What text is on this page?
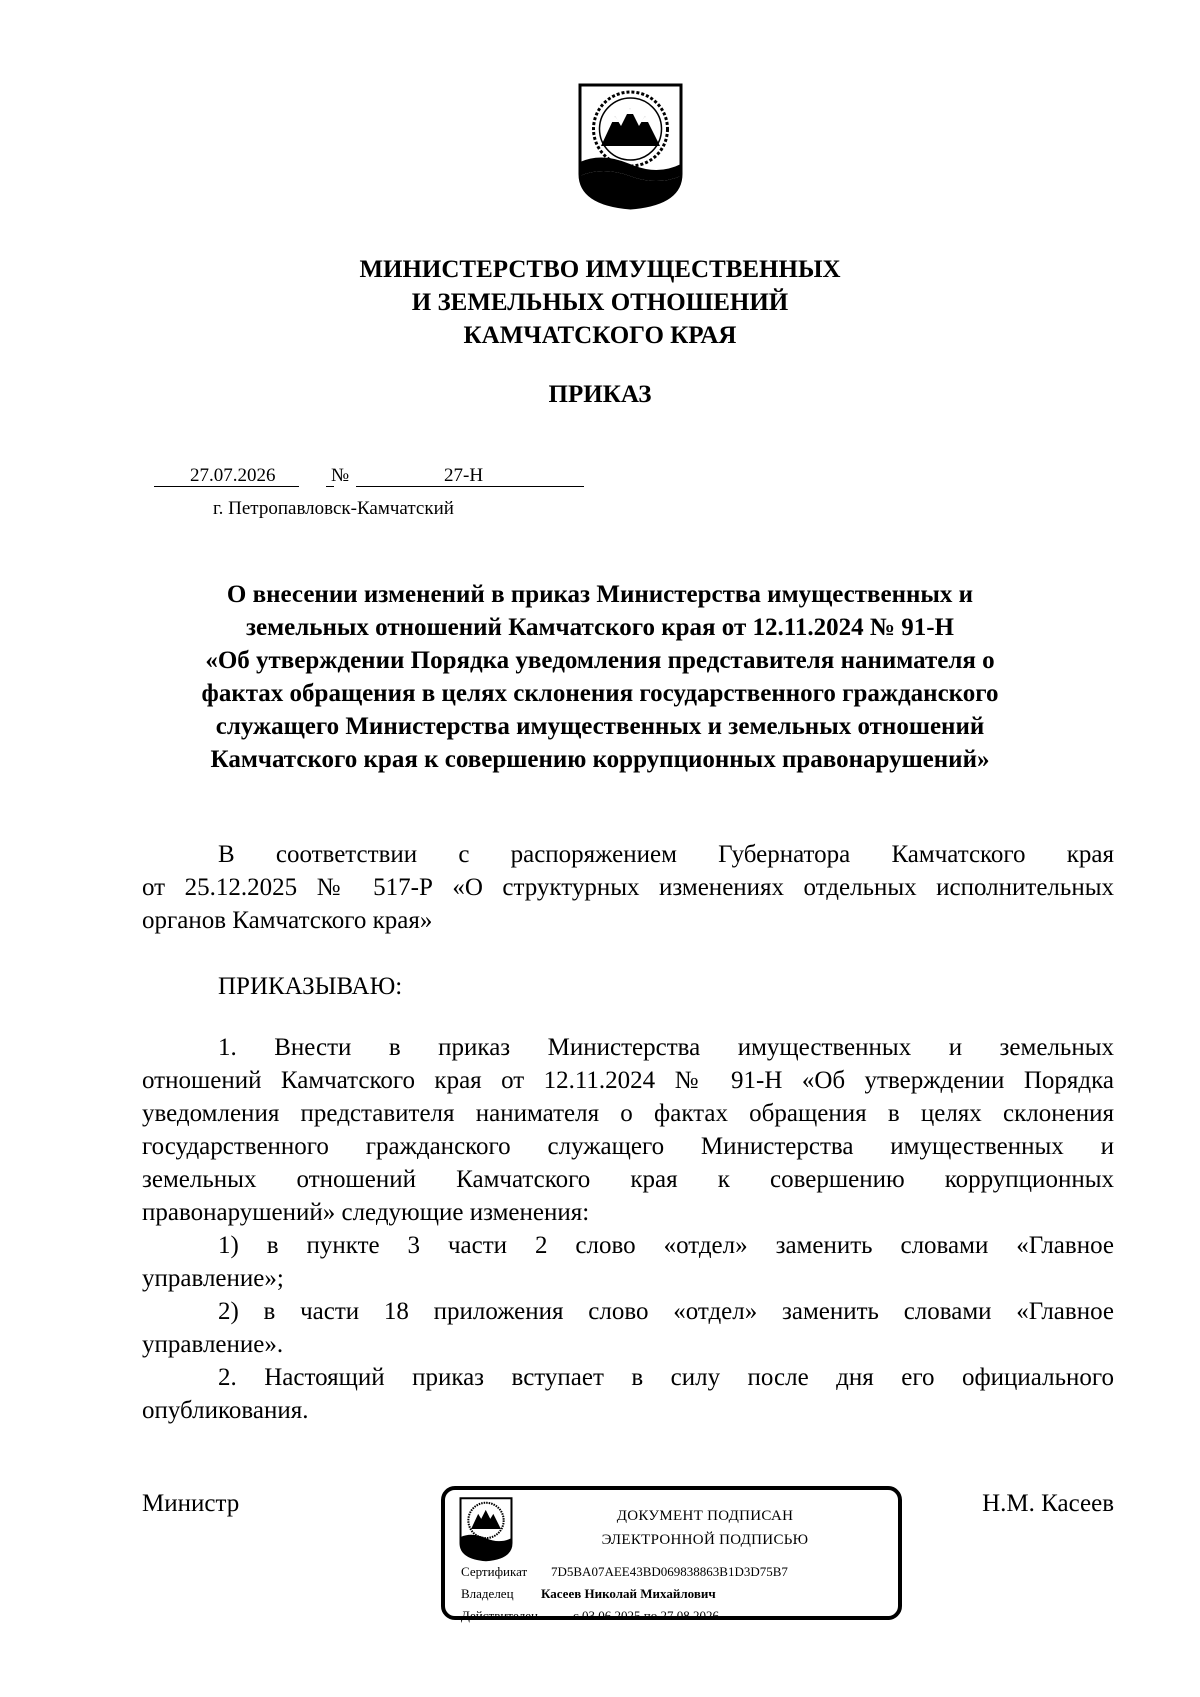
МИНИСТЕРСТВО ИМУЩЕСТВЕННЫХ
И ЗЕМЕЛЬНЫХ ОТНОШЕНИЙ
КАМЧАТСКОГО КРАЯ
ПРИКАЗ
27.07.2026	№	27-Н
г. Петропавловск-Камчатский
О внесении изменений в приказ Министерства имущественных и
земельных отношений Камчатского края от 12.11.2024 № 91-Н
«Об утверждении Порядка уведомления представителя нанимателя о
фактах обращения в целях склонения государственного гражданского
служащего Министерства имущественных и земельных отношений
Камчатского края к совершению коррупционных правонарушений»
В соответствии с распоряжением Губернатора Камчатского края
от 25.12.2025 № 517-Р «О структурных изменениях отдельных исполнительных
органов Камчатского края»
ПРИКАЗЫВАЮ:
1. Внести в приказ Министерства имущественных и земельных
отношений Камчатского края от 12.11.2024 № 91-Н «Об утверждении Порядка
уведомления представителя нанимателя о фактах обращения в целях склонения
государственного гражданского служащего Министерства имущественных и
земельных отношений Камчатского края к совершению коррупционных
правонарушений» следующие изменения:
1) в пункте 3 части 2 слово «отдел» заменить словами «Главное
управление»;
2) в части 18 приложения слово «отдел» заменить словами «Главное
управление».
2. Настоящий приказ вступает в силу после дня его официального
опубликования.
Министр	Н.М. Касеев
ДОКУМЕНТ ПОДПИСАН
ЭЛЕКТРОННОЙ ПОДПИСЬЮ
Сертификат 7D5BA07AEE43BD069838863B1D3D75B7
Владелец Касеев Николай Михайлович
Действителен	с 03.06.2025 по 27.08.2026
